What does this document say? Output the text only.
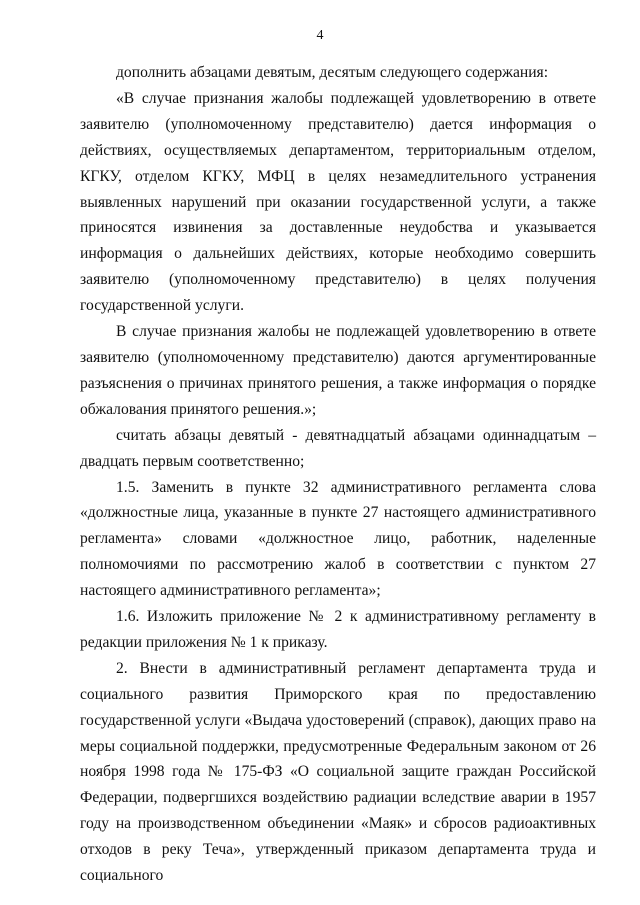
4

дополнить абзацами девятым, десятым следующего содержания:

«В случае признания жалобы подлежащей удовлетворению в ответе заявителю (уполномоченному представителю) дается информация о действиях, осуществляемых департаментом, территориальным отделом, КГКУ, отделом КГКУ, МФЦ в целях незамедлительного устранения выявленных нарушений при оказании государственной услуги, а также приносятся извинения за доставленные неудобства и указывается информация о дальнейших действиях, которые необходимо совершить заявителю (уполномоченному представителю) в целях получения государственной услуги.

В случае признания жалобы не подлежащей удовлетворению в ответе заявителю (уполномоченному представителю) даются аргументированные разъяснения о причинах принятого решения, а также информация о порядке обжалования принятого решения.»;

считать абзацы девятый - девятнадцатый абзацами одиннадцатым – двадцать первым соответственно;

1.5. Заменить в пункте 32 административного регламента слова «должностные лица, указанные в пункте 27 настоящего административного регламента» словами «должностное лицо, работник, наделенные полномочиями по рассмотрению жалоб в соответствии с пунктом 27 настоящего административного регламента»;

1.6. Изложить приложение № 2 к административному регламенту в редакции приложения № 1 к приказу.

2. Внести в административный регламент департамента труда и социального развития Приморского края по предоставлению государственной услуги «Выдача удостоверений (справок), дающих право на меры социальной поддержки, предусмотренные Федеральным законом от 26 ноября 1998 года № 175-ФЗ «О социальной защите граждан Российской Федерации, подвергшихся воздействию радиации вследствие аварии в 1957 году на производственном объединении «Маяк» и сбросов радиоактивных отходов в реку Теча», утвержденный приказом департамента труда и социального
